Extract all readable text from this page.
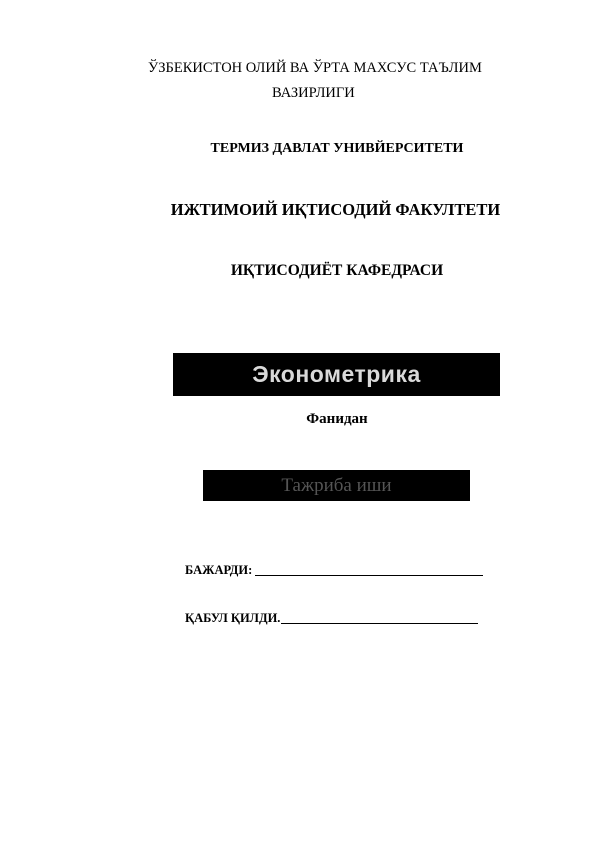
ЎЗБЕКИСТОН ОЛИЙ ВА ЎРТА МАХСУС ТАЪЛИМ
ВАЗИРЛИГИ
ТЕРМИЗ ДАВЛАТ УНИВЙЕРСИТЕТИ
ИЖТИМОИЙ ИҚТИСОДИЙ ФАКУЛТЕТИ
ИҚТИСОДИЁТ КАФЕДРАСИ
Эконометрика
Фанидан
Тажриба иши
БАЖАРДИ:
ҚАБУЛ ҚИЛДИ.
